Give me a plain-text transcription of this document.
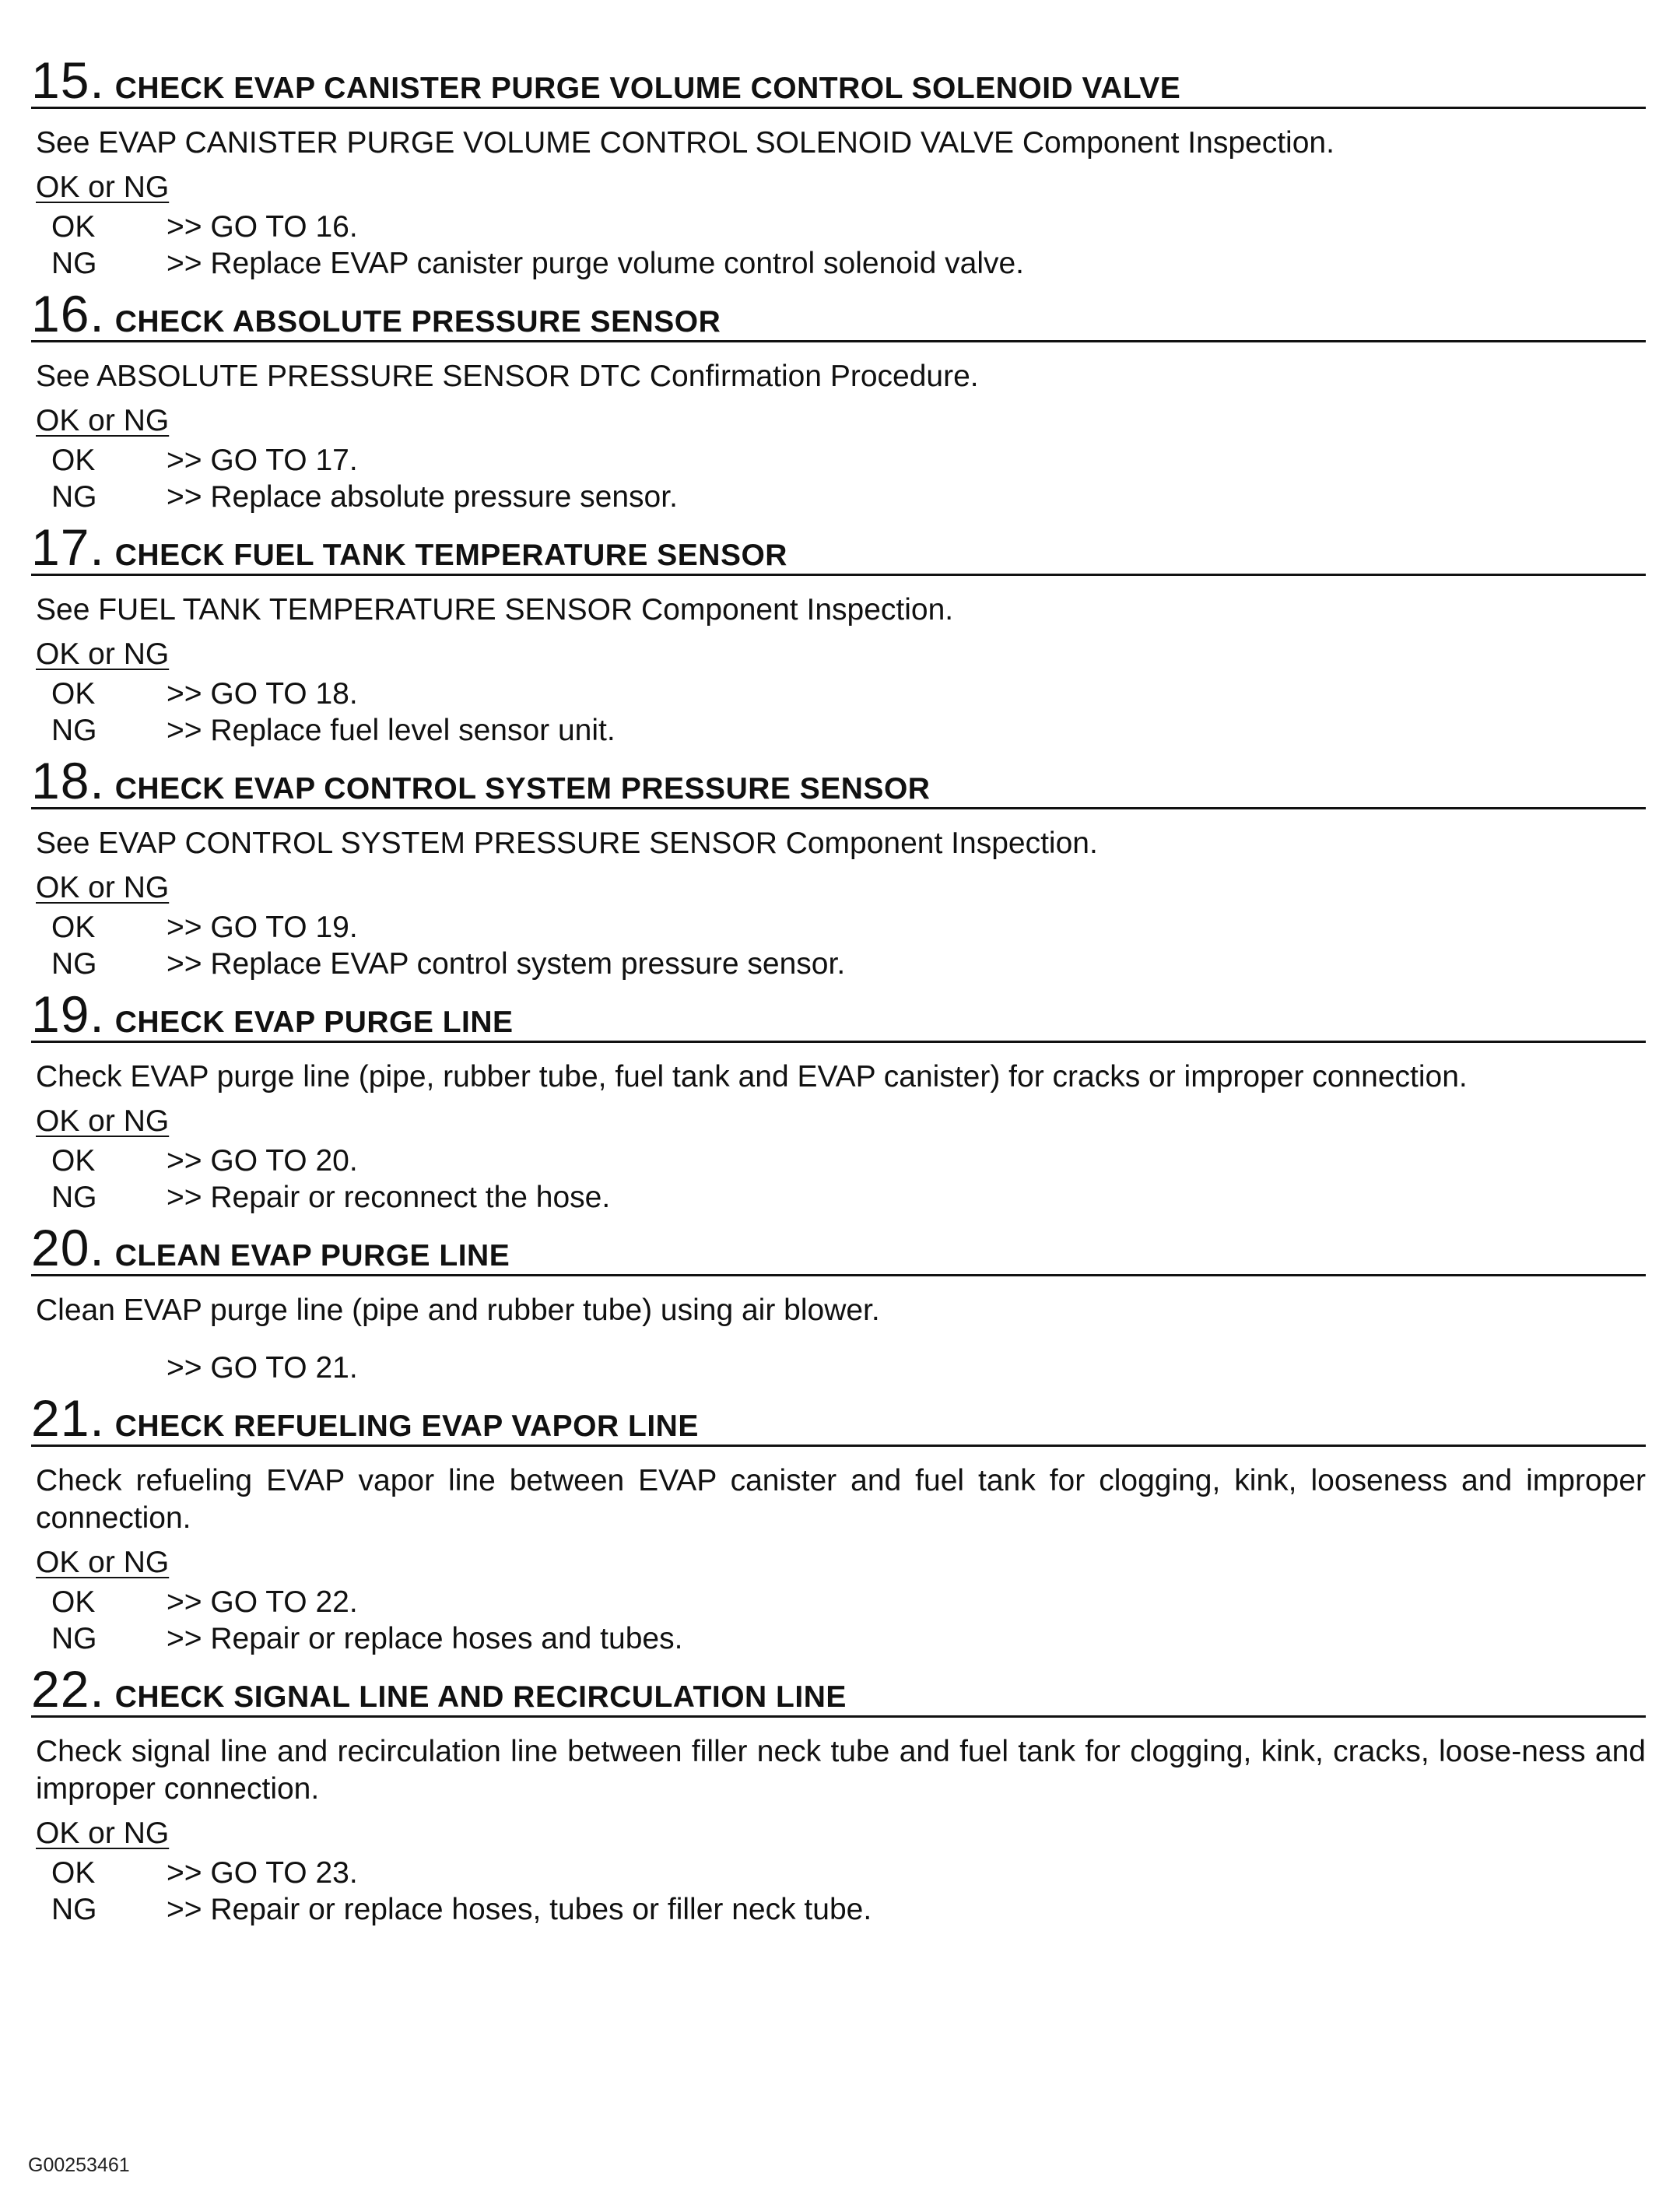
15 . CHECK EVAP CANISTER PURGE VOLUME CONTROL SOLENOID VALVE

See EVAP CANISTER PURGE VOLUME CONTROL SOLENOID VALVE Component Inspection.

OK or NG
OK	>> GO TO 16.
NG	>> Replace EVAP canister purge volume control solenoid valve.
16 . CHECK ABSOLUTE PRESSURE SENSOR

See ABSOLUTE PRESSURE SENSOR DTC Confirmation Procedure.

OK or NG
OK	>> GO TO 17.
NG	>> Replace absolute pressure sensor.
17 . CHECK FUEL TANK TEMPERATURE SENSOR

See FUEL TANK TEMPERATURE SENSOR Component Inspection.

OK or NG
OK	>> GO TO 18.
NG	>> Replace fuel level sensor unit.
18 . CHECK EVAP CONTROL SYSTEM PRESSURE SENSOR

See EVAP CONTROL SYSTEM PRESSURE SENSOR Component Inspection.

OK or NG
OK	>> GO TO 19.
NG	>> Replace EVAP control system pressure sensor.
19 . CHECK EVAP PURGE LINE

Check EVAP purge line (pipe, rubber tube, fuel tank and EVAP canister) for cracks or improper connection.

OK or NG
OK	>> GO TO 20.
NG	>> Repair or reconnect the hose.
20 . CLEAN EVAP PURGE LINE

Clean EVAP purge line (pipe and rubber tube) using air blower.

>> GO TO 21.
21 . CHECK REFUELING EVAP VAPOR LINE

Check refueling EVAP vapor line between EVAP canister and fuel tank for clogging, kink, looseness and improper connection.

OK or NG
OK	>> GO TO 22.
NG	>> Repair or replace hoses and tubes.
22 . CHECK SIGNAL LINE AND RECIRCULATION LINE

Check signal line and recirculation line between filler neck tube and fuel tank for clogging, kink, cracks, loose-ness and improper connection.

OK or NG
OK	>> GO TO 23.
NG	>> Repair or replace hoses, tubes or filler neck tube.
G00253461
